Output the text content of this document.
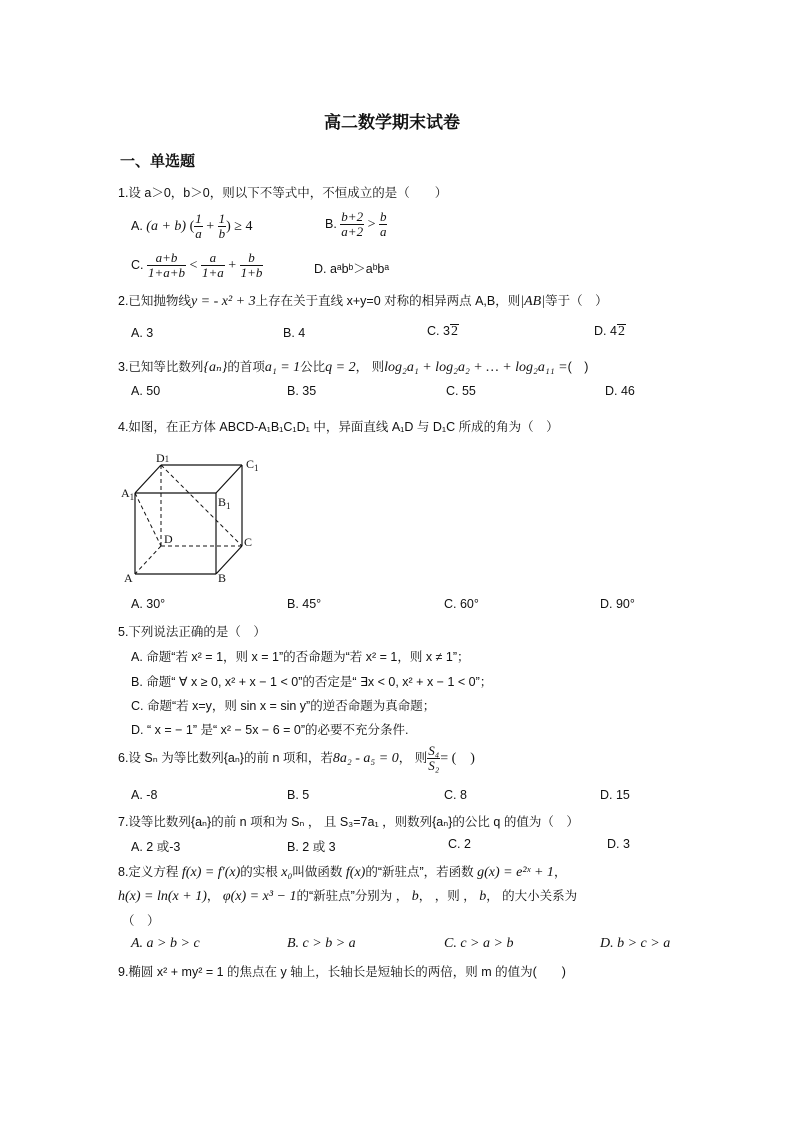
高二数学期末试卷
一、单选题
1.设 a＞0，b＞0，则以下不等式中，不恒成立的是（　　）
A. (a + b) ( $\frac{1}{a} + \frac{1}{b}$ ) ≥ 4	B. $\frac{b+2}{a+2} > \frac{b}{a}$
C. $\frac{a+b}{1+a+b} < \frac{a}{1+a} + \frac{b}{1+b}$	D. aᵃbᵇ＞aᵇbᵃ
2.已知抛物线y = - x² + 3上存在关于直线 x+y=0 对称的相异两点 A,B，则|AB|等于（　）
A. 3	B. 4	C. 32	D. 42
3.已知等比数列{aₙ}的首项a₁ = 1公比q = 2， 则log₂a₁ + log₂a₂ + … + log₂a₁₁ =(　)
A. 50	B. 35	C. 55	D. 46
4.如图，在正方体 ABCD-A₁B₁C₁D₁ 中，异面直线 A₁D 与 D₁C 所成的角为（　）
D1	$C_1$
$A_1$	$B_1$
D	C
A	B
A. 30°	B. 45°	C. 60°	D. 90°
5.下列说法正确的是（　）
A. 命题“若 x² = 1，则 x = 1”的否命题为“若 x² = 1，则 x ≠ 1”；
B. 命题“ ∀ x ≥ 0, x² + x − 1 < 0”的否定是“ ∃x < 0, x² + x − 1 < 0”；
C. 命题“若 x=y，则 sin x = sin y”的逆否命题为真命题；
D. “ x = − 1” 是“ x² − 5x − 6 = 0”的必要不充分条件.
6.设 Sₙ 为等比数列{aₙ}的前 n 项和，若8a₂ - a₅ = 0， 则 $\frac{\text{S₄}}{\text{S₂}}$ = (　)
A. -8	B. 5	C. 8	D. 15
7.设等比数列{aₙ}的前 n 项和为 Sₙ ， 且 S₃=7a₁ ，则数列{aₙ}的公比 q 的值为（　）
A. 2 或-3	B. 2 或 3	C. 2	D. 3
8.定义方程 f(x) = f′(x)的实根 x₀叫做函数 f(x)的“新驻点”，若函数 g(x) = e²ˣ + 1，
h(x) = ln(x + 1)， φ(x) = x³ − 1的“新驻点”分别为 ， b， ，则 ， b， 的大小关系为
（　）
A. a > b > c	B. c > b > a	C. c > a > b	D. b > c > a
9.椭圆 x² + my² = 1 的焦点在 y 轴上，长轴长是短轴长的两倍，则 m 的值为(　　)
